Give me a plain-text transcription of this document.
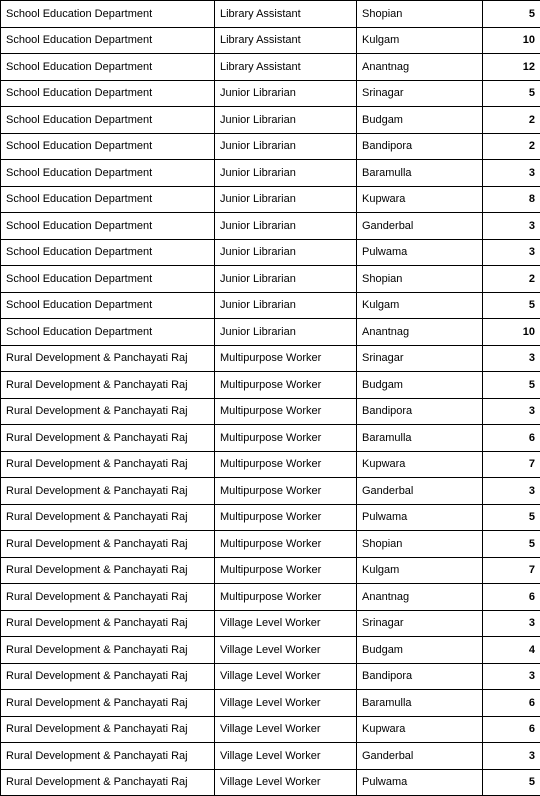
School Education Department	Library Assistant	Shopian	5
School Education Department	Library Assistant	Kulgam	10
School Education Department	Library Assistant	Anantnag	12
School Education Department	Junior Librarian	Srinagar	5
School Education Department	Junior Librarian	Budgam	2
School Education Department	Junior Librarian	Bandipora	2
School Education Department	Junior Librarian	Baramulla	3
School Education Department	Junior Librarian	Kupwara	8
School Education Department	Junior Librarian	Ganderbal	3
School Education Department	Junior Librarian	Pulwama	3
School Education Department	Junior Librarian	Shopian	2
School Education Department	Junior Librarian	Kulgam	5
School Education Department	Junior Librarian	Anantnag	10
Rural Development & Panchayati Raj	Multipurpose Worker	Srinagar	3
Rural Development & Panchayati Raj	Multipurpose Worker	Budgam	5
Rural Development & Panchayati Raj	Multipurpose Worker	Bandipora	3
Rural Development & Panchayati Raj	Multipurpose Worker	Baramulla	6
Rural Development & Panchayati Raj	Multipurpose Worker	Kupwara	7
Rural Development & Panchayati Raj	Multipurpose Worker	Ganderbal	3
Rural Development & Panchayati Raj	Multipurpose Worker	Pulwama	5
Rural Development & Panchayati Raj	Multipurpose Worker	Shopian	5
Rural Development & Panchayati Raj	Multipurpose Worker	Kulgam	7
Rural Development & Panchayati Raj	Multipurpose Worker	Anantnag	6
Rural Development & Panchayati Raj	Village Level Worker	Srinagar	3
Rural Development & Panchayati Raj	Village Level Worker	Budgam	4
Rural Development & Panchayati Raj	Village Level Worker	Bandipora	3
Rural Development & Panchayati Raj	Village Level Worker	Baramulla	6
Rural Development & Panchayati Raj	Village Level Worker	Kupwara	6
Rural Development & Panchayati Raj	Village Level Worker	Ganderbal	3
Rural Development & Panchayati Raj	Village Level Worker	Pulwama	5
